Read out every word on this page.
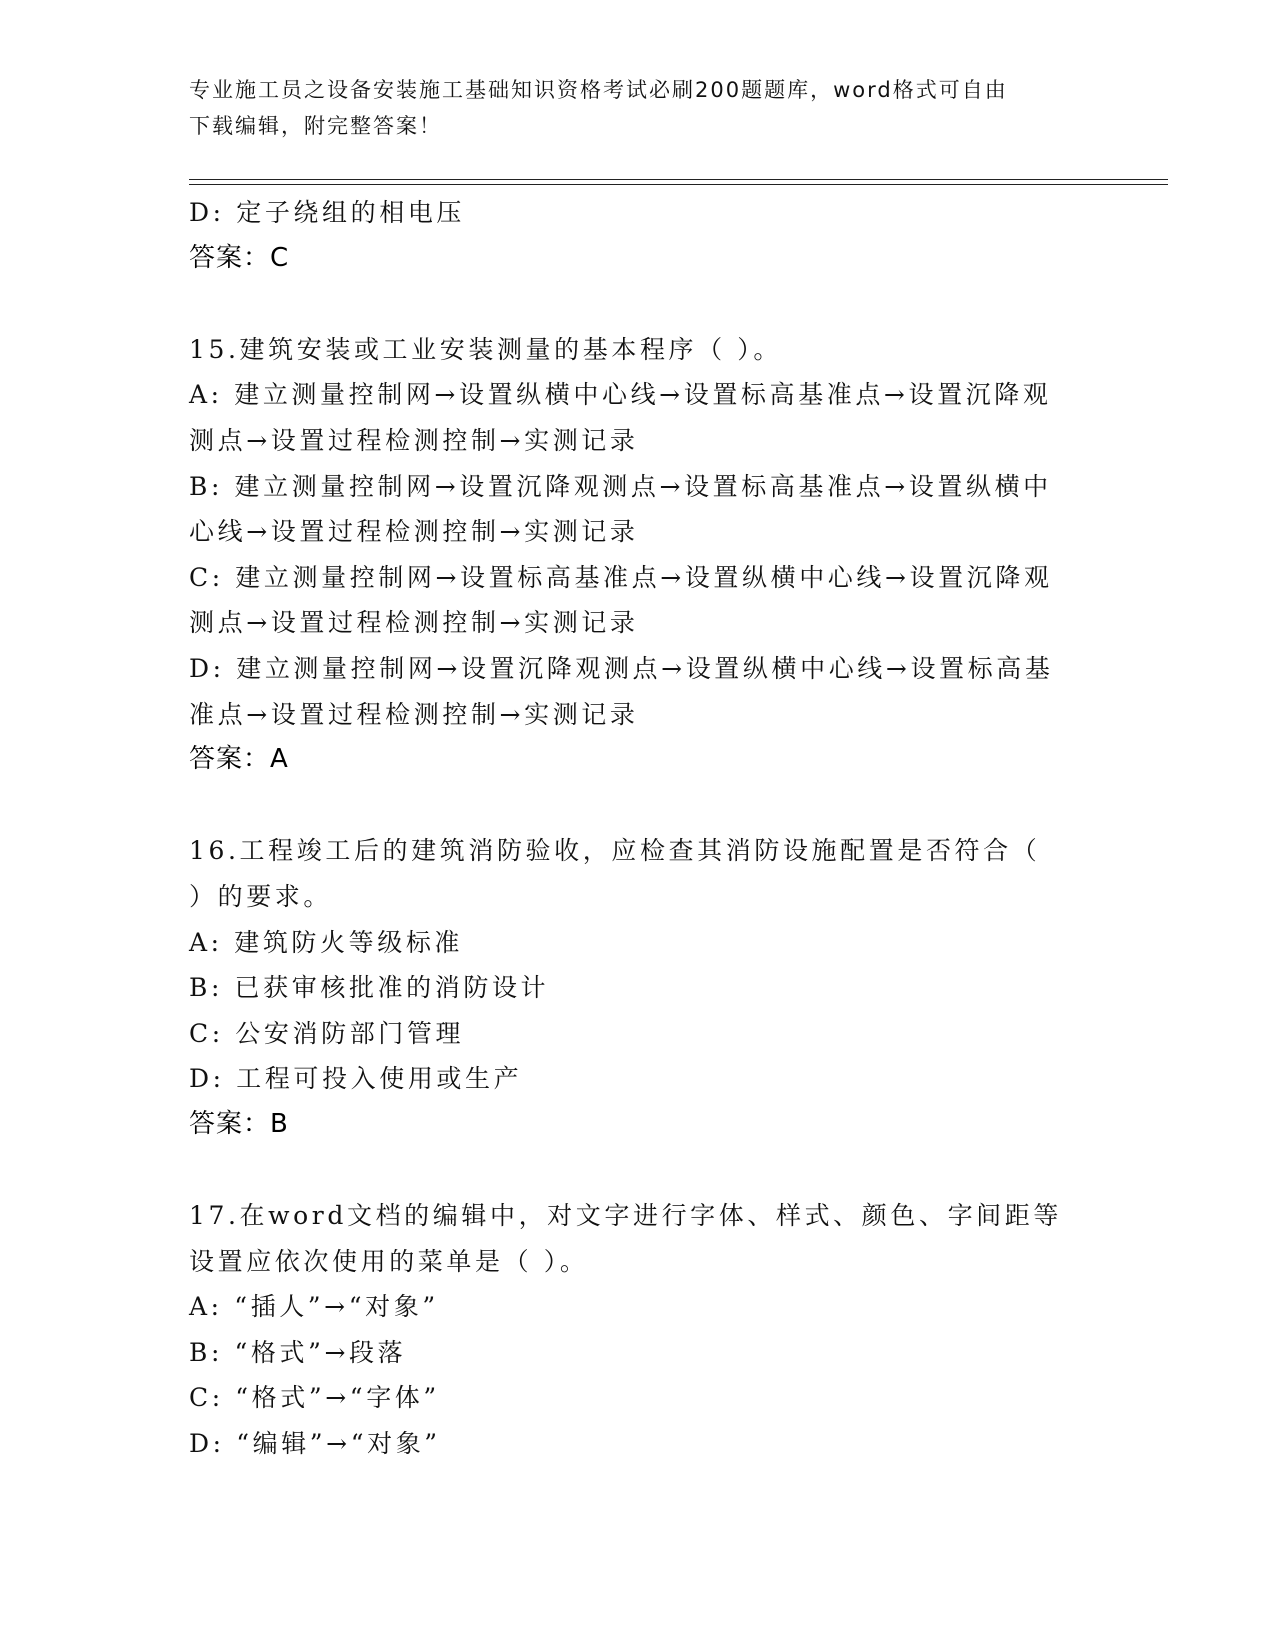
专业施工员之设备安装施工基础知识资格考试必刷200题题库，word格式可自由
下载编辑，附完整答案！
D: 定子绕组的相电压
答案：C
15.建筑安装或工业安装测量的基本程序（ ）。
A: 建立测量控制网→设置纵横中心线→设置标高基准点→设置沉降观
测点→设置过程检测控制→实测记录
B: 建立测量控制网→设置沉降观测点→设置标高基准点→设置纵横中
心线→设置过程检测控制→实测记录
C: 建立测量控制网→设置标高基准点→设置纵横中心线→设置沉降观
测点→设置过程检测控制→实测记录
D: 建立测量控制网→设置沉降观测点→设置纵横中心线→设置标高基
准点→设置过程检测控制→实测记录
答案：A
16.工程竣工后的建筑消防验收，应检查其消防设施配置是否符合（
）的要求。
A: 建筑防火等级标准
B: 已获审核批准的消防设计
C: 公安消防部门管理
D: 工程可投入使用或生产
答案：B
17.在word文档的编辑中，对文字进行字体、样式、颜色、字间距等
设置应依次使用的菜单是（ ）。
A: “插人”→“对象”
B: “格式”→段落
C: “格式”→“字体”
D: “编辑”→“对象”
